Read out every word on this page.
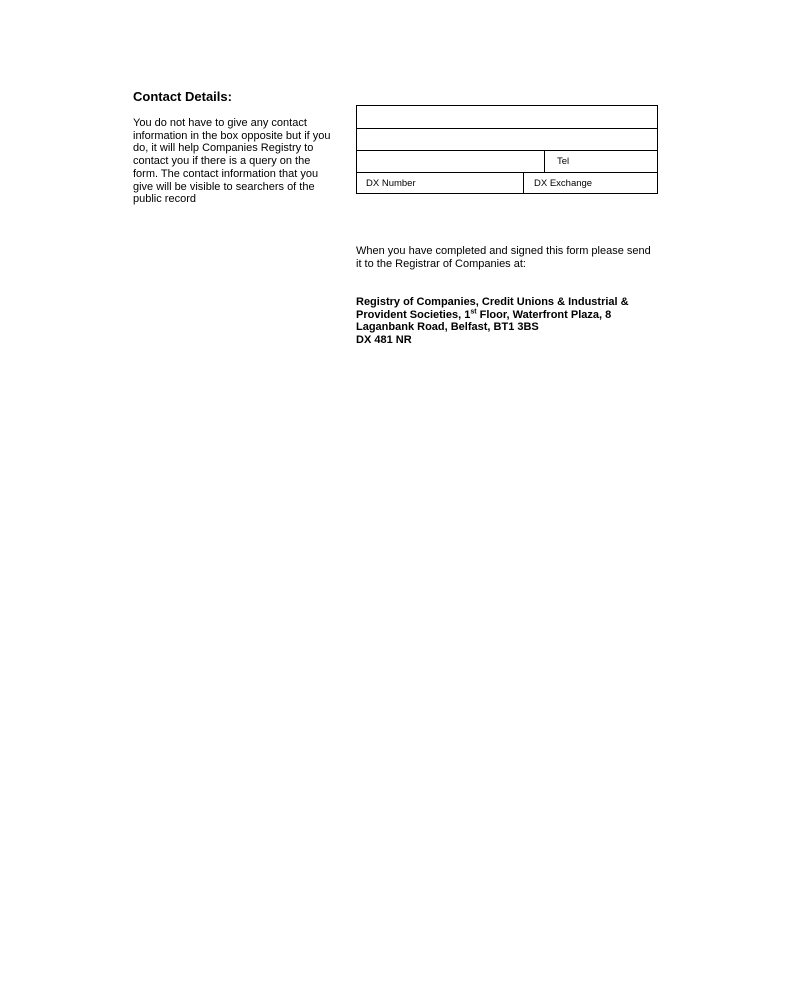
Contact Details:

You do not have to give any contact information in the box opposite but if you do, it will help Companies Registry to contact you if there is a query on the form. The contact information that you give will be visible to searchers of the public record

Tel
DX Number	DX Exchange

When you have completed and signed this form please send it to the Registrar of Companies at:

Registry of Companies, Credit Unions & Industrial & Provident Societies, 1st Floor, Waterfront Plaza, 8 Laganbank Road, Belfast, BT1 3BS
DX 481 NR
